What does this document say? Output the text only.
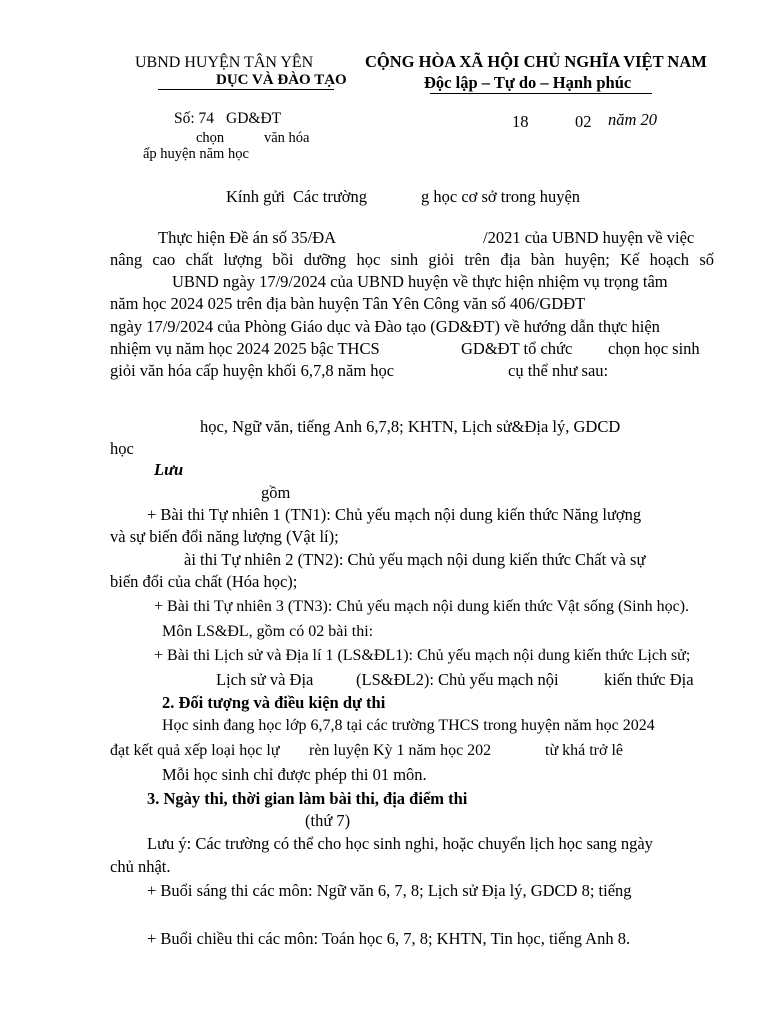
UBND HUYỆN TÂN YÊN
DỤC VÀ ĐÀO TẠO
CỘNG HÒA XÃ HỘI CHỦ NGHĨA VIỆT NAM
Độc lập – Tự do – Hạnh phúc
Số: 74 GD&ĐT	18	02 năm 20
chọn	văn hóa
ấp huyện năm học
Kính gửi Các trường	g học cơ sở trong huyện
Thực hiện Đề án số 35/ĐA	/2021 của UBND huyện về việc
nâng cao chất lượng bồi dưỡng học sinh giỏi trên địa bàn huyện; Kế hoạch số
UBND ngày 17/9/2024 của UBND huyện về thực hiện nhiệm vụ trọng tâm
năm học 2024 025 trên địa bàn huyện Tân Yên Công văn số 406/GDĐT
ngày 17/9/2024 của Phòng Giáo dục và Đào tạo (GD&ĐT) về hướng dẫn thực hiện
nhiệm vụ năm học 2024 2025 bậc THCS	GD&ĐT tổ chức chọn học sinh
giỏi văn hóa cấp huyện khối 6,7,8 năm học	cụ thể như sau:
học, Ngữ văn, tiếng Anh 6,7,8; KHTN, Lịch sử&Địa lý, GDCD
học
Lưu
gồm
+ Bài thi Tự nhiên 1 (TN1): Chủ yếu mạch nội dung kiến thức Năng lượng
và sự biến đổi năng lượng (Vật lí);
ài thi Tự nhiên 2 (TN2): Chủ yếu mạch nội dung kiến thức Chất và sự
biến đổi của chất (Hóa học);
+ Bài thi Tự nhiên 3 (TN3): Chủ yếu mạch nội dung kiến thức Vật sống (Sinh học).
Môn LS&ĐL, gồm có 02 bài thi:
+ Bài thi Lịch sử và Địa lí 1 (LS&ĐL1): Chủ yếu mạch nội dung kiến thức Lịch sử;
Lịch sử và Địa	(LS&ĐL2): Chủ yếu mạch nội	kiến thức Địa
2. Đối tượng và điều kiện dự thi
Học sinh đang học lớp 6,7,8 tại các trường THCS trong huyện năm học 2024
đạt kết quả xếp loại học lự rèn luyện Kỳ 1 năm học 202	từ khá trở lê
Mỗi học sinh chỉ được phép thi 01 môn.
3. Ngày thi, thời gian làm bài thi, địa điểm thi
(thứ 7)
Lưu ý: Các trường có thể cho học sinh nghi, hoặc chuyển lịch học sang ngày
chủ nhật.
+ Buổi sáng thi các môn: Ngữ văn 6, 7, 8; Lịch sử Địa lý, GDCD 8; tiếng
+ Buổi chiều thi các môn: Toán học 6, 7, 8; KHTN, Tin học, tiếng Anh 8.
